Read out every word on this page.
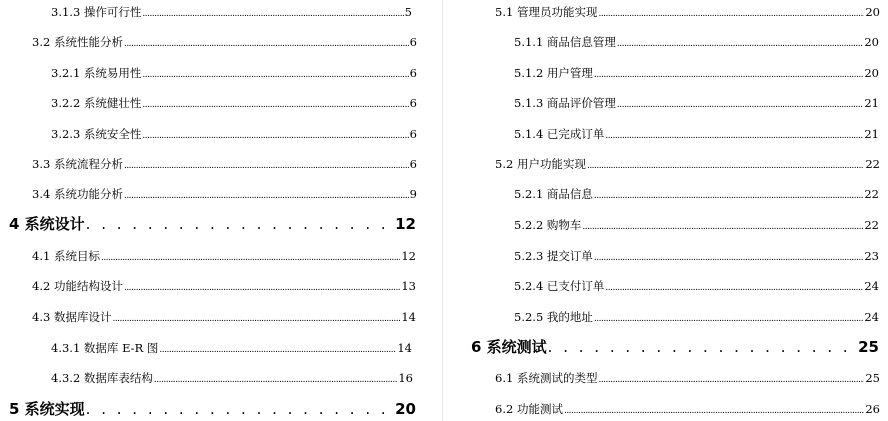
3.1.3 操作可行性 .....	5
3.2 系统性能分析 .....	6
3.2.1 系统易用性 .....	6
3.2.2 系统健壮性 .....	6
3.2.3 系统安全性 .....	6
3.3 系统流程分析 .....	6
3.4 系统功能分析 .....	9
4 系统设计 . . .	12
4.1 系统目标 .....	12
4.2 功能结构设计 .....	13
4.3 数据库设计 .....	14
4.3.1 数据库 E-R 图 .....	14
4.3.2 数据库表结构 .....	16
5 系统实现 . . .	20
5.1 管理员功能实现 .....	20
5.1.1 商品信息管理 .....	20
5.1.2 用户管理 .....	20
5.1.3 商品评价管理 .....	21
5.1.4 已完成订单 .....	21
5.2 用户功能实现 .....	22
5.2.1 商品信息 .....	22
5.2.2 购物车 .....	22
5.2.3 提交订单 .....	23
5.2.4 已支付订单 .....	24
5.2.5 我的地址 .....	24
6 系统测试 . . .	25
6.1 系统测试的类型 .....	25
6.2 功能测试 .....	26
